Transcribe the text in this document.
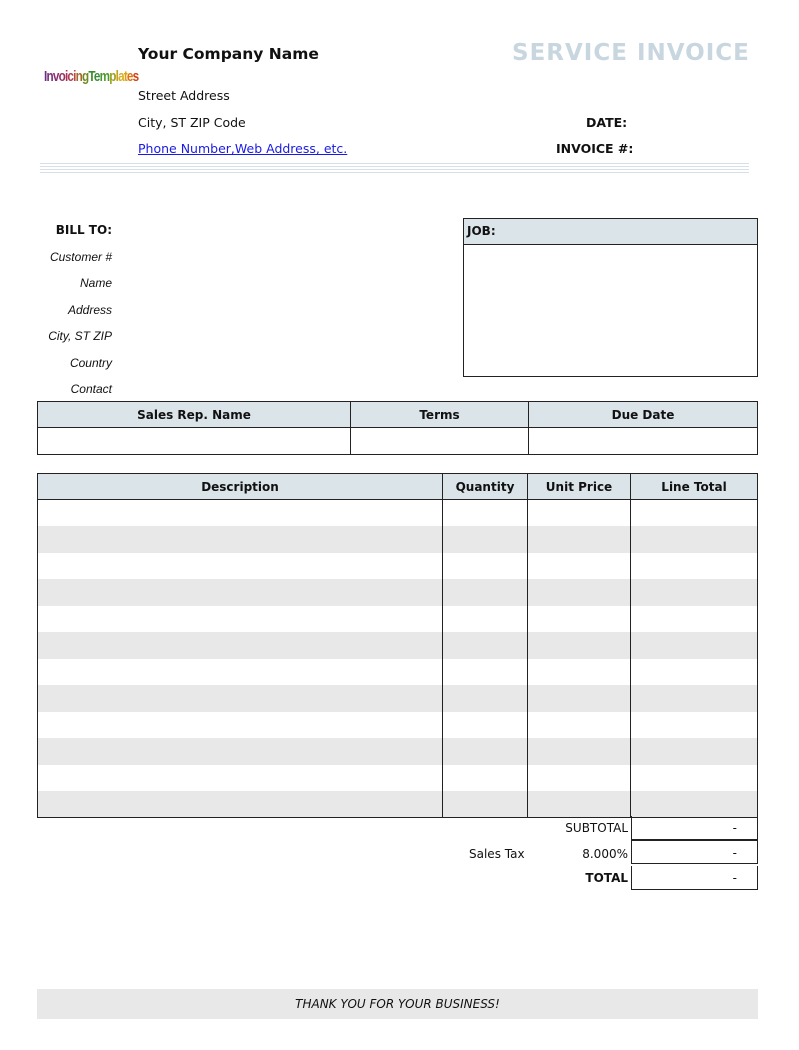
InvoicingTemplates
Your Company Name
Street Address
City, ST ZIP Code
Phone Number,Web Address, etc.
SERVICE INVOICE
DATE:
INVOICE #:
BILL TO:
Customer #
Name
Address
City, ST ZIP
Country
Contact
JOB:
Sales Rep. Name	Terms	Due Date

Description	Quantity	Unit Price	Line Total

SUBTOTAL	-
Sales Tax	8.000%	-
TOTAL	-
THANK YOU FOR YOUR BUSINESS!
